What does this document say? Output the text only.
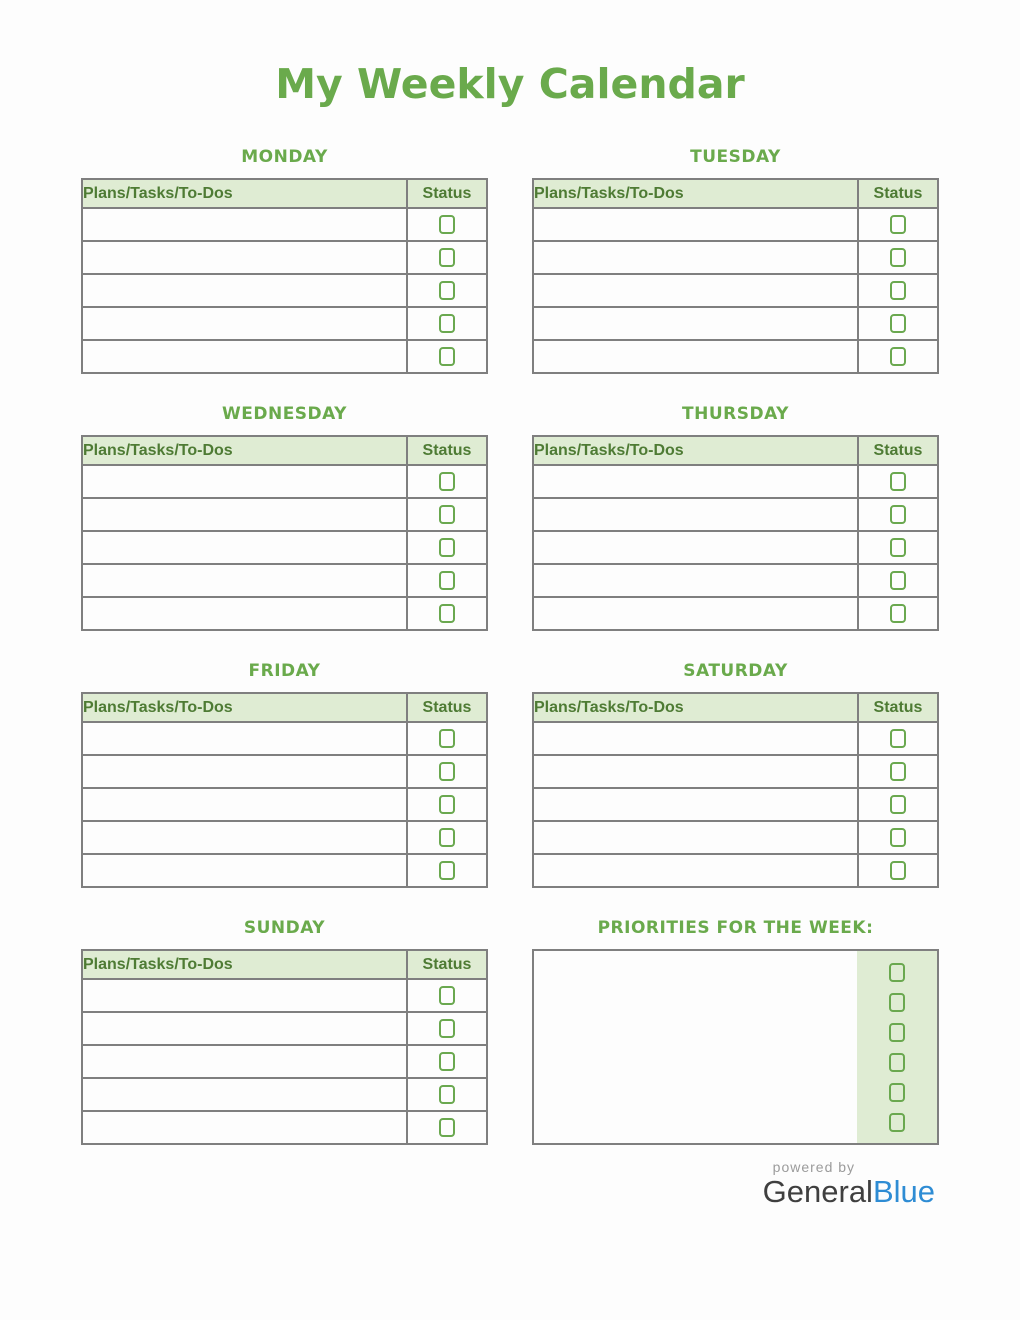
My Weekly Calendar
MONDAY
Plans/Tasks/To-Dos	Status

TUESDAY
Plans/Tasks/To-Dos	Status

WEDNESDAY
Plans/Tasks/To-Dos	Status

THURSDAY
Plans/Tasks/To-Dos	Status

FRIDAY
Plans/Tasks/To-Dos	Status

SATURDAY
Plans/Tasks/To-Dos	Status

SUNDAY
Plans/Tasks/To-Dos	Status

PRIORITIES FOR THE WEEK:
powered by
GeneralBlue
